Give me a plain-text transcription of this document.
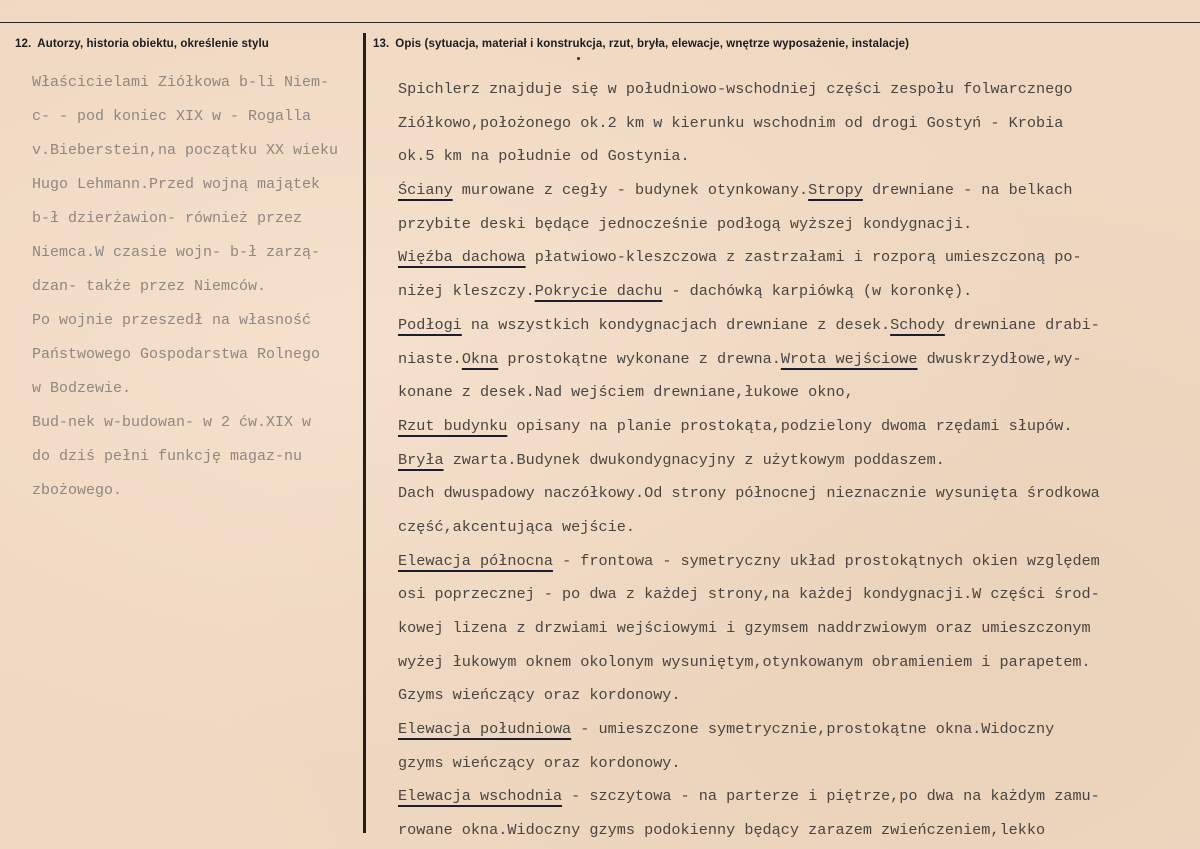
12. Autorzy, historia obiektu, określenie stylu	13. Opis (sytuacja, materiał i konstrukcja, rzut, bryła, elewacje, wnętrze wyposażenie, instalacje)
Właścicielami Ziółkowa b-li Niem-
c- - pod koniec XIX w - Rogalla
v.Bieberstein,na początku XX wieku
Hugo Lehmann.Przed wojną majątek
b-ł dzierżawion- również przez
Niemca.W czasie wojn- b-ł zarzą-
dzan- także przez Niemców.
Po wojnie przeszedł na własność
Państwowego Gospodarstwa Rolnego
w Bodzewie.
Bud-nek w-budowan- w 2 ćw.XIX w
do dziś pełni funkcję magaz-nu
zbożowego.
Spichlerz znajduje się w południowo-wschodniej części zespołu folwarcznego
Ziółkowo,położonego ok.2 km w kierunku wschodnim od drogi Gostyń - Krobia
ok.5 km na południe od Gostynia.
Ściany murowane z cegły - budynek otynkowany.Stropy drewniane - na belkach
przybite deski będące jednocześnie podłogą wyższej kondygnacji.
Więźba dachowa płatwiowo-kleszczowa z zastrzałami i rozporą umieszczoną po-
niżej kleszczy.Pokrycie dachu - dachówką karpiówką (w koronkę).
Podłogi na wszystkich kondygnacjach drewniane z desek.Schody drewniane drabi-
niaste.Okna prostokątne wykonane z drewna.Wrota wejściowe dwuskrzydłowe,wy-
konane z desek.Nad wejściem drewniane,łukowe okno,
Rzut budynku opisany na planie prostokąta,podzielony dwoma rzędami słupów.
Bryła zwarta.Budynek dwukondygnacyjny z użytkowym poddaszem.
Dach dwuspadowy naczółkowy.Od strony północnej nieznacznie wysunięta środkowa
część,akcentująca wejście.
Elewacja północna - frontowa - symetryczny układ prostokątnych okien względem
osi poprzecznej - po dwa z każdej strony,na każdej kondygnacji.W części środ-
kowej lizena z drzwiami wejściowymi i gzymsem naddrzwiowym oraz umieszczonym
wyżej łukowym oknem okolonym wysuniętym,otynkowanym obramieniem i parapetem.
Gzyms wieńczący oraz kordonowy.
Elewacja południowa - umieszczone symetrycznie,prostokątne okna.Widoczny
gzyms wieńczący oraz kordonowy.
Elewacja wschodnia - szczytowa - na parterze i piętrze,po dwa na każdym zamu-
rowane okna.Widoczny gzyms podokienny będący zarazem zwieńczeniem,lekko
